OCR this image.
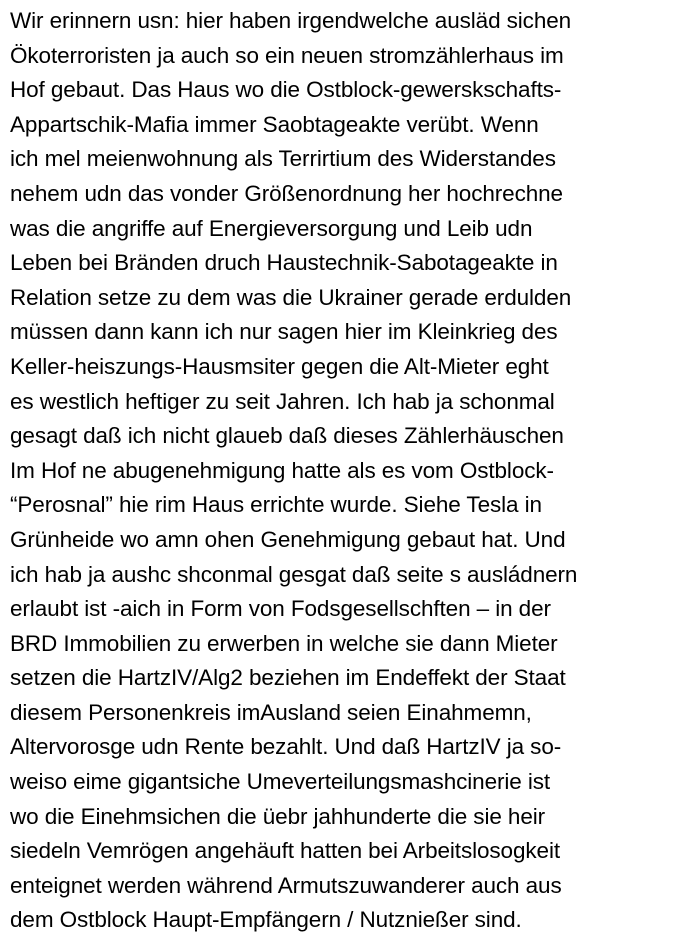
Wir erinnern usn: hier haben irgendwelche ausläd sichen
Ökoterroristen ja auch so ein neuen stromzählerhaus im
Hof gebaut. Das Haus wo die Ostblock-gewerskschafts-
Appartschik-Mafia immer Saobtageakte verübt. Wenn
ich mel meienwohnung als Terrirtium des Widerstandes
nehem udn das vonder Größenordnung her hochrechne
was die angriffe auf Energieversorgung und Leib udn
Leben bei Bränden druch Haustechnik-Sabotageakte in
Relation setze zu dem was die Ukrainer gerade erdulden
müssen dann kann ich nur sagen hier im Kleinkrieg des
Keller-heiszungs-Hausmsiter gegen die Alt-Mieter eght
es westlich heftiger zu seit Jahren. Ich hab ja schonmal
gesagt daß ich nicht glaueb daß dieses Zählerhäuschen
Im Hof ne abugenehmigung hatte als es vom Ostblock-
“Perosnal” hie rim Haus errichte wurde. Siehe Tesla in
Grünheide wo amn ohen Genehmigung gebaut hat. Und
ich hab ja aushc shconmal gesgat daß seite s ausládnern
erlaubt ist -aich in Form von Fodsgesellschften – in der
BRD Immobilien zu erwerben in welche sie dann Mieter
setzen die HartzIV/Alg2 beziehen im Endeffekt der Staat
diesem Personenkreis imAusland seien Einahmemn,
Altervorosge udn Rente bezahlt. Und daß HartzIV ja so-
weiso eime gigantsiche Umeverteilungsmashcinerie ist
wo die Einehmsichen die üebr jahhunderte die sie heir
siedeln Vemrögen angehäuft hatten bei Arbeitslosogkeit
enteignet werden während Armutszuwanderer auch aus
dem Ostblock Haupt-Empfängern / Nutznießer sind.
